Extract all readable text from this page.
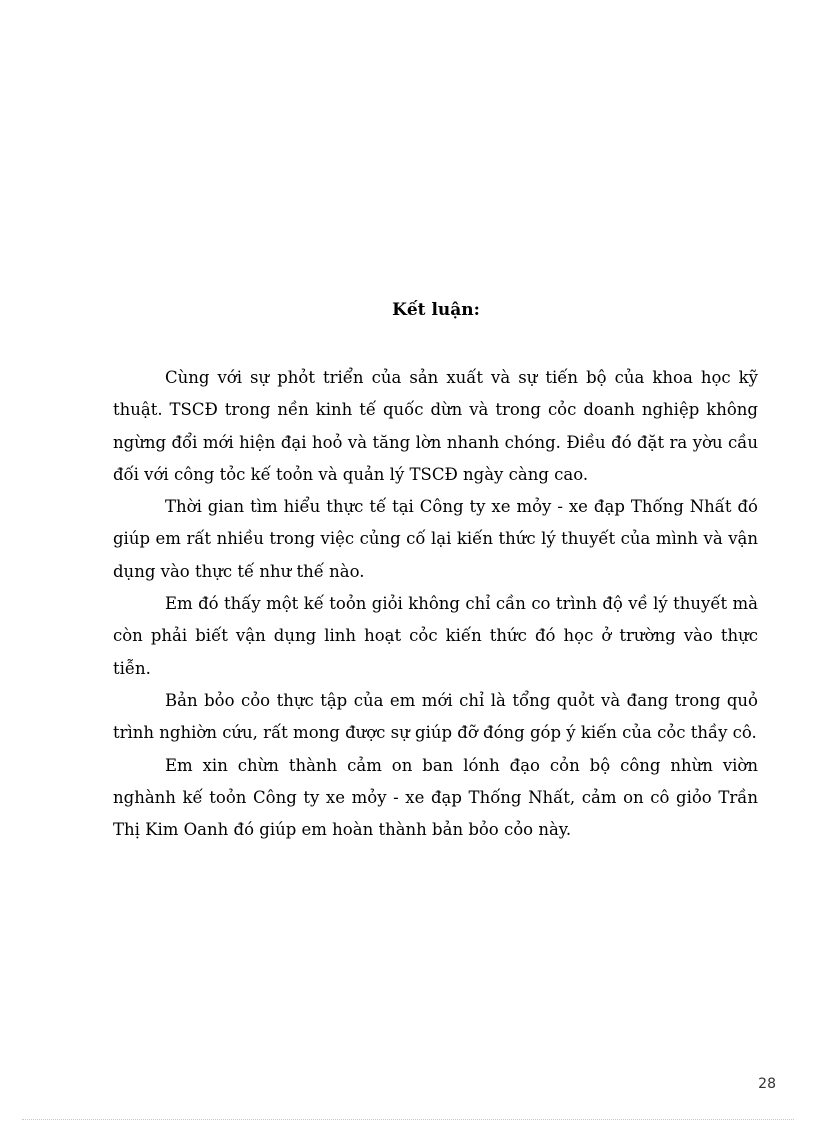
Kết luận:

Cùng với sự phỏt triển của sản xuất và sự tiến bộ của khoa học kỹ thuật. TSCĐ trong nền kinh tế quốc dừn và trong cỏc doanh nghiệp không ngừng đổi mới hiện đại hoỏ và tăng lờn nhanh chóng. Điều đó đặt ra yờu cầu đối với công tỏc kế toỏn và quản lý TSCĐ ngày càng cao.

Thời gian tìm hiểu thực tế tại Công ty xe mỏy - xe đạp Thống Nhất đó giúp em rất nhiều trong việc củng cố lại kiến thức lý thuyết của mình và vận dụng vào thực tế như thế nào.

Em đó thấy một kế toỏn giỏi không chỉ cần co trình độ về lý thuyết mà còn phải biết vận dụng linh hoạt cỏc kiến thức đó học ở trường vào thực tiễn.

Bản bỏo cỏo thực tập của em mới chỉ là tổng quỏt và đang trong quỏ trình nghiờn cứu, rất mong được sự giúp đỡ đóng góp ý kiến của cỏc thầy cô.

Em xin chừn thành cảm on ban lónh đạo cỏn bộ công nhừn viờn nghành kế toỏn Công ty xe mỏy - xe đạp Thống Nhất, cảm on cô giỏo Trần Thị Kim Oanh đó giúp em hoàn thành bản bỏo cỏo này.

28
